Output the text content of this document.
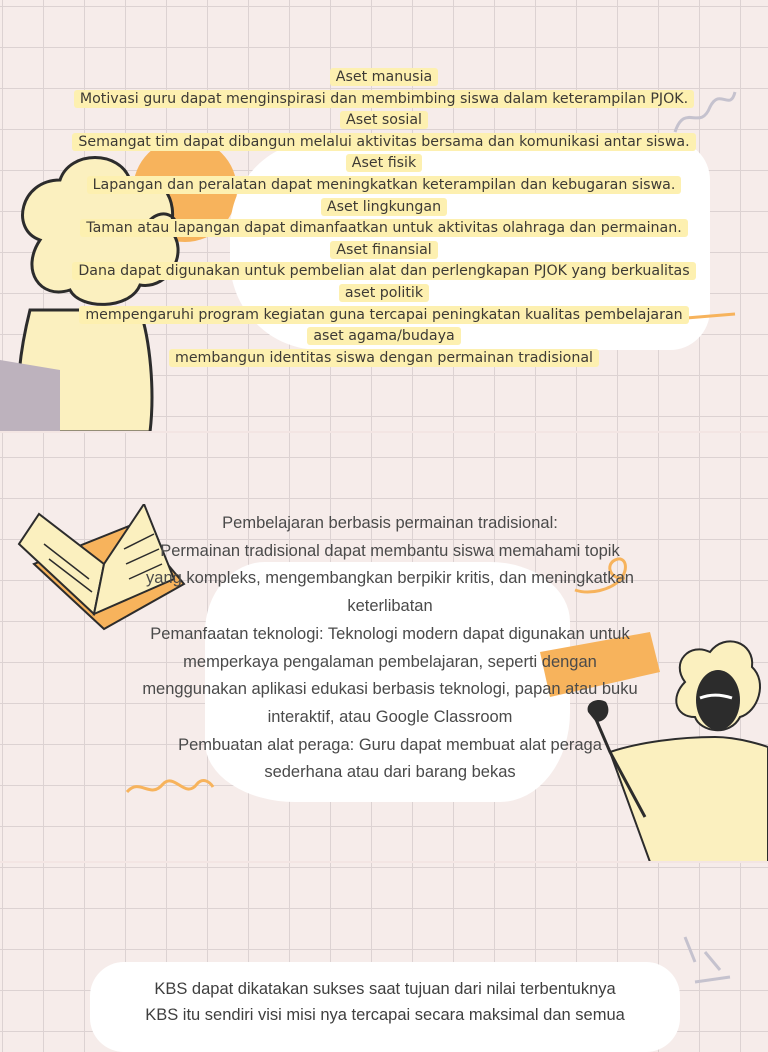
Aset manusia
Motivasi guru dapat menginspirasi dan membimbing siswa dalam keterampilan PJOK.
Aset sosial
Semangat tim dapat dibangun melalui aktivitas bersama dan komunikasi antar siswa.
Aset fisik
Lapangan dan peralatan dapat meningkatkan keterampilan dan kebugaran siswa.
Aset lingkungan
Taman atau lapangan dapat dimanfaatkan untuk aktivitas olahraga dan permainan.
Aset finansial
Dana dapat digunakan untuk pembelian alat dan perlengkapan PJOK yang berkualitas
aset politik
mempengaruhi program kegiatan guna tercapai peningkatan kualitas pembelajaran
aset agama/budaya
membangun identitas siswa dengan permainan tradisional
Pembelajaran berbasis permainan tradisional:
Permainan tradisional dapat membantu siswa memahami topik
yang kompleks, mengembangkan berpikir kritis, dan meningkatkan
keterlibatan
Pemanfaatan teknologi: Teknologi modern dapat digunakan untuk
memperkaya pengalaman pembelajaran, seperti dengan
menggunakan aplikasi edukasi berbasis teknologi, papan atau buku
interaktif, atau Google Classroom
Pembuatan alat peraga: Guru dapat membuat alat peraga
sederhana atau dari barang bekas
KBS dapat dikatakan sukses saat tujuan dari nilai terbentuknya
KBS itu sendiri visi misi nya tercapai secara maksimal dan semua
